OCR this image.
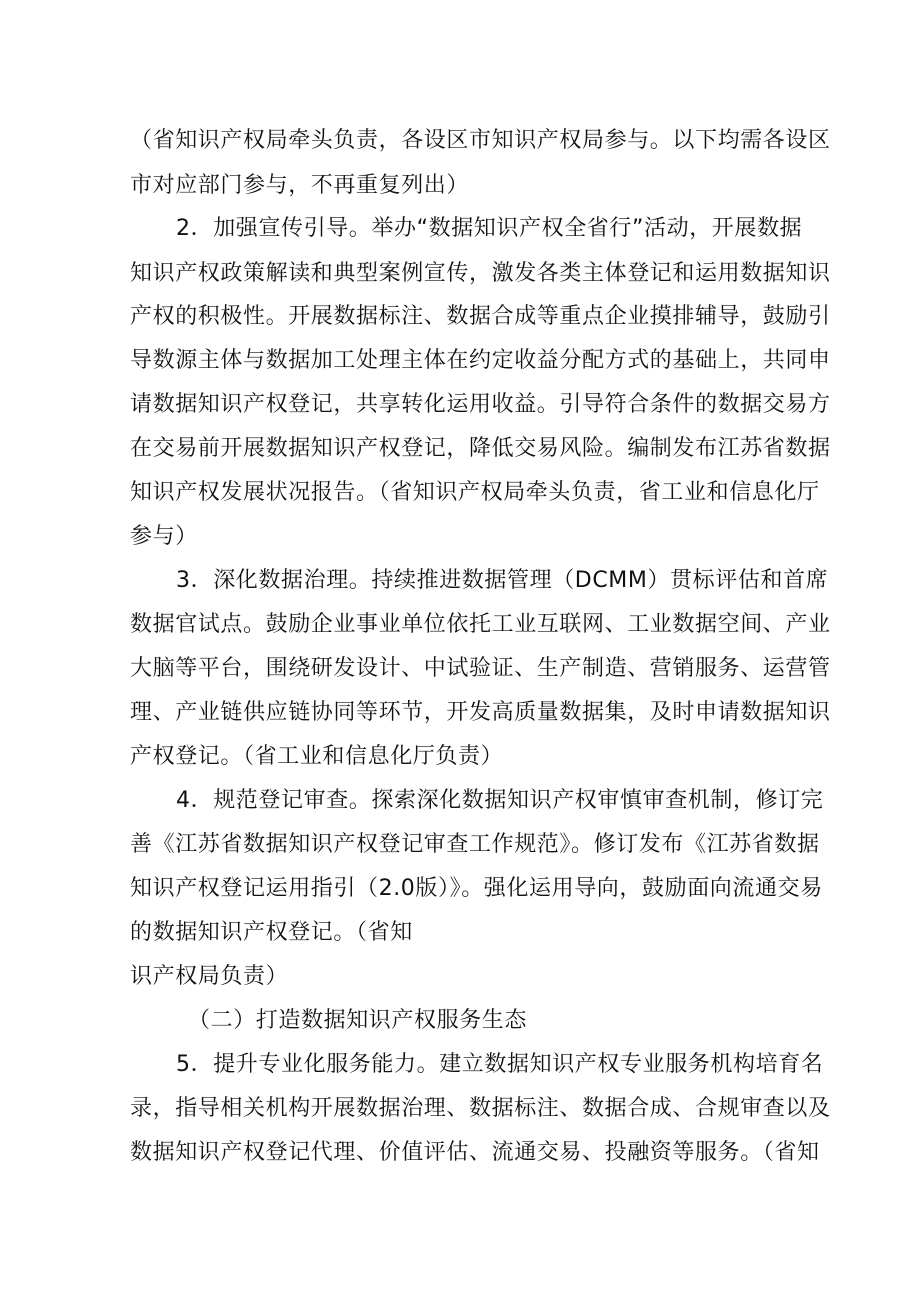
（省知识产权局牵头负责，各设区市知识产权局参与。以下均需各设区
市对应部门参与，不再重复列出）
2．加强宣传引导。举办“数据知识产权全省行”活动，开展数据
知识产权政策解读和典型案例宣传，激发各类主体登记和运用数据知识
产权的积极性。开展数据标注、数据合成等重点企业摸排辅导，鼓励引
导数源主体与数据加工处理主体在约定收益分配方式的基础上，共同申
请数据知识产权登记，共享转化运用收益。引导符合条件的数据交易方
在交易前开展数据知识产权登记，降低交易风险。编制发布江苏省数据
知识产权发展状况报告。（省知识产权局牵头负责，省工业和信息化厅
参与）
3．深化数据治理。持续推进数据管理（DCMM）贯标评估和首席
数据官试点。鼓励企业事业单位依托工业互联网、工业数据空间、产业
大脑等平台，围绕研发设计、中试验证、生产制造、营销服务、运营管
理、产业链供应链协同等环节，开发高质量数据集，及时申请数据知识
产权登记。（省工业和信息化厅负责）
4．规范登记审查。探索深化数据知识产权审慎审查机制，修订完
善《江苏省数据知识产权登记审查工作规范》。修订发布《江苏省数据
知识产权登记运用指引（2.0版）》。强化运用导向，鼓励面向流通交易
的数据知识产权登记。（省知
识产权局负责）
（二）打造数据知识产权服务生态
5．提升专业化服务能力。建立数据知识产权专业服务机构培育名
录，指导相关机构开展数据治理、数据标注、数据合成、合规审查以及
数据知识产权登记代理、价值评估、流通交易、投融资等服务。（省知
